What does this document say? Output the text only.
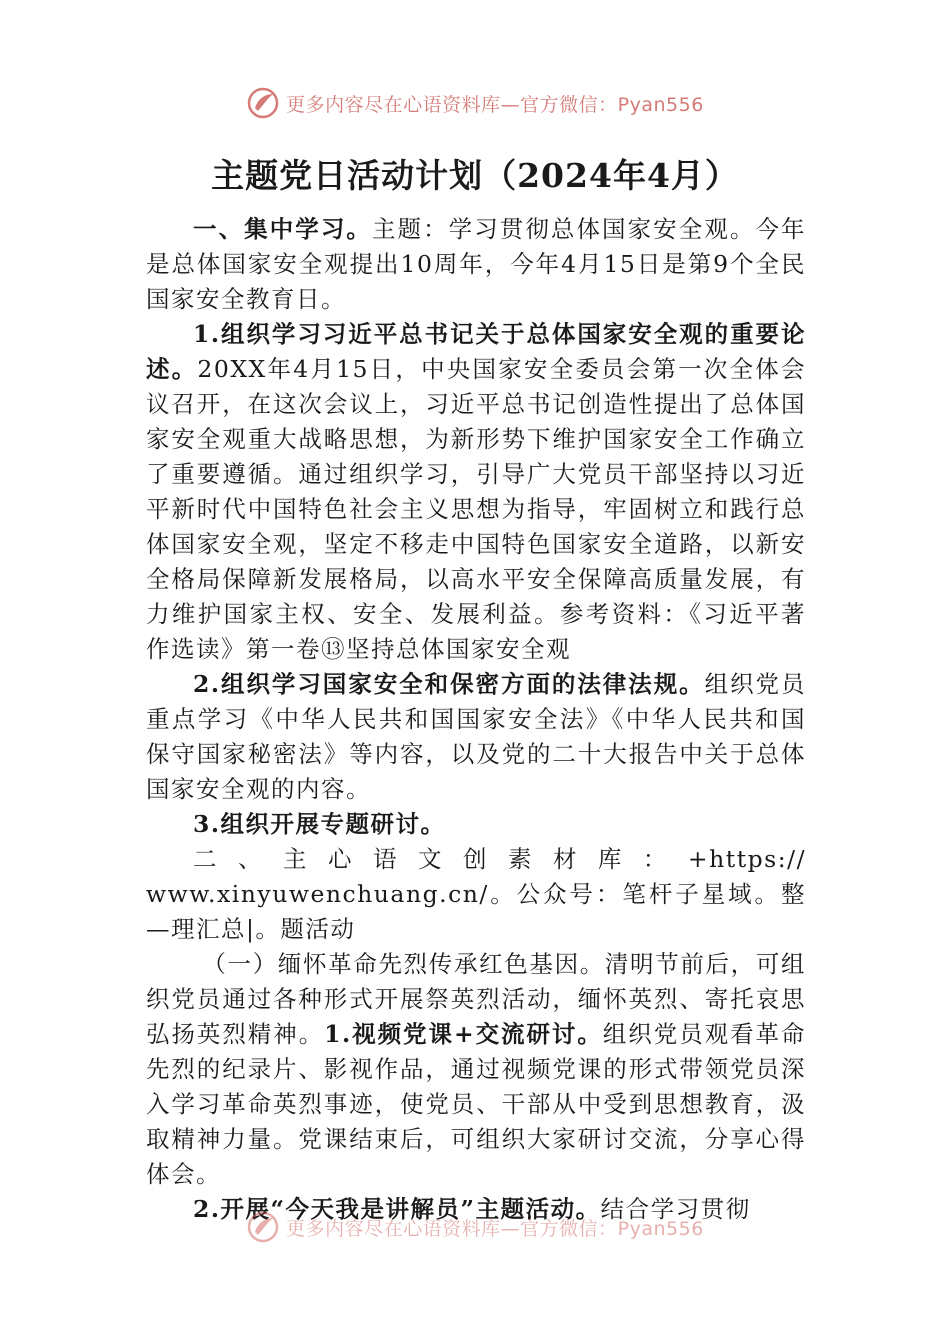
更多内容尽在心语资料库—官方微信：Pyan556
主题党日活动计划（2024年4月）

一、集中学习。主题：学习贯彻总体国家安全观。今年是总体国家安全观提出10周年，今年4月15日是第9个全民国家安全教育日。

1.组织学习习近平总书记关于总体国家安全观的重要论述。20XX年4月15日，中央国家安全委员会第一次全体会议召开，在这次会议上，习近平总书记创造性提出了总体国家安全观重大战略思想，为新形势下维护国家安全工作确立了重要遵循。通过组织学习，引导广大党员干部坚持以习近平新时代中国特色社会主义思想为指导，牢固树立和践行总体国家安全观，坚定不移走中国特色国家安全道路，以新安全格局保障新发展格局，以高水平安全保障高质量发展，有力维护国家主权、安全、发展利益。参考资料：《习近平著作选读》第一卷⑬坚持总体国家安全观

2.组织学习国家安全和保密方面的法律法规。组织党员重点学习《中华人民共和国国家安全法》《中华人民共和国保守国家秘密法》等内容，以及党的二十大报告中关于总体国家安全观的内容。

3.组织开展专题研讨。

二、主心语文创素材库：+https://

www.xinyuwenchuang.cn/。公众号：笔杆子星域。整—理汇总|。题活动

（一）缅怀革命先烈传承红色基因。清明节前后，可组织党员通过各种形式开展祭英烈活动，缅怀英烈、寄托哀思弘扬英烈精神。1.视频党课+交流研讨。组织党员观看革命先烈的纪录片、影视作品，通过视频党课的形式带领党员深入学习革命英烈事迹，使党员、干部从中受到思想教育，汲取精神力量。党课结束后，可组织大家研讨交流，分享心得体会。

2.开展“今天我是讲解员”主题活动。结合学习贯彻

更多内容尽在心语资料库—官方微信：Pyan556
